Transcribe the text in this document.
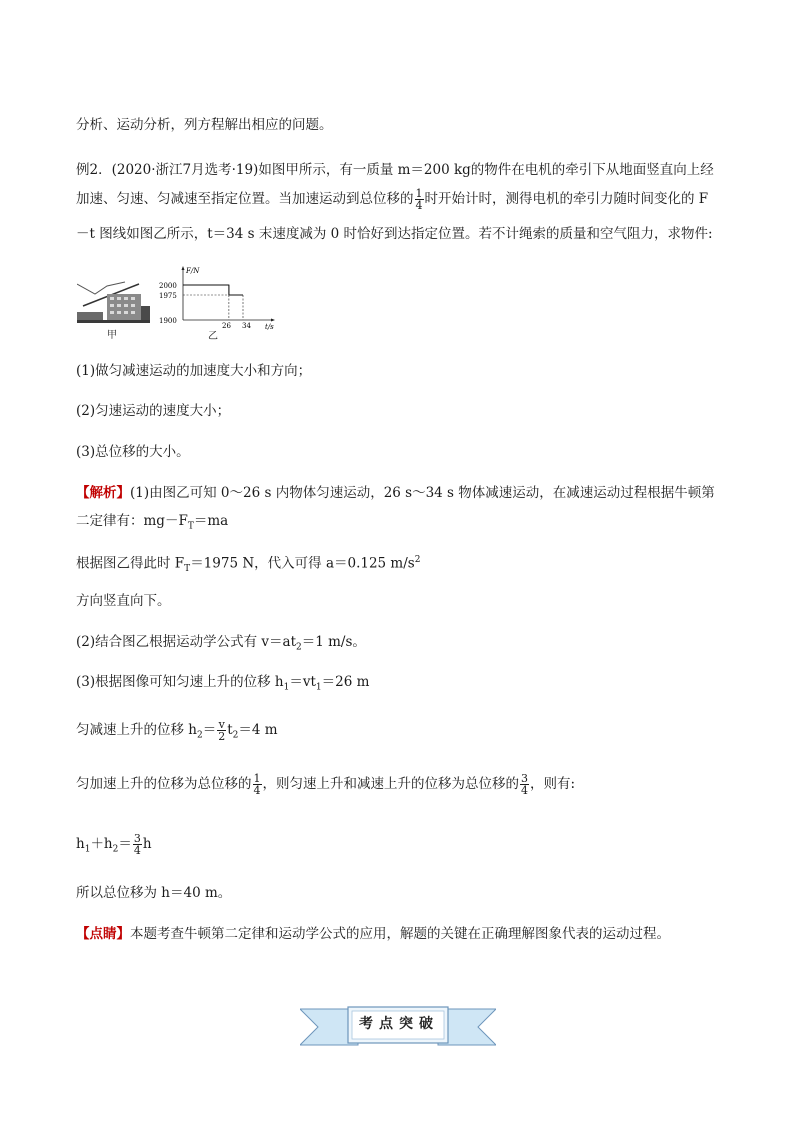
分析、运动分析，列方程解出相应的问题。
例2．(2020·浙江7月选考·19)如图甲所示，有一质量 m＝200 kg的物件在电机的牵引下从地面竖直向上经
加速、匀速、匀减速至指定位置。当加速运动到总位移的 $\frac{1}{4}$ 时开始计时，测得电机的牵引力随时间变化的 F
－t 图线如图乙所示，t＝34 s 末速度减为 0 时恰好到达指定位置。若不计绳索的质量和空气阻力，求物件:
甲
F/N
t/s
2000
1975
1900
26 34
乙
(1)做匀减速运动的加速度大小和方向；
(2)匀速运动的速度大小；
(3)总位移的大小。
【解析】(1)由图乙可知 0～26 s 内物体匀速运动，26 s～34 s 物体减速运动，在减速运动过程根据牛顿第
二定律有：$mg-F_T=ma$
根据图乙得此时 $F_T=1975$ N，代入可得 a＝0.125 $m/s^2$
方向竖直向下。
(2)结合图乙根据运动学公式有 $v=at_2=1$ m/s。
(3)根据图像可知匀速上升的位移 $h_1=vt_1=26$ m
匀减速上升的位移 $h_2= \frac{v}{2} t_2=4$ m
匀加速上升的位移为总位移的 $\frac{1}{4}$ ，则匀速上升和减速上升的位移为总位移的 $\frac{3}{4}$ ，则有:
$h_1+h_2= \frac{3}{4}$ h
所以总位移为 h＝40 m。
【点睛】本题考查牛顿第二定律和运动学公式的应用，解题的关键在正确理解图象代表的运动过程。
考点突破
